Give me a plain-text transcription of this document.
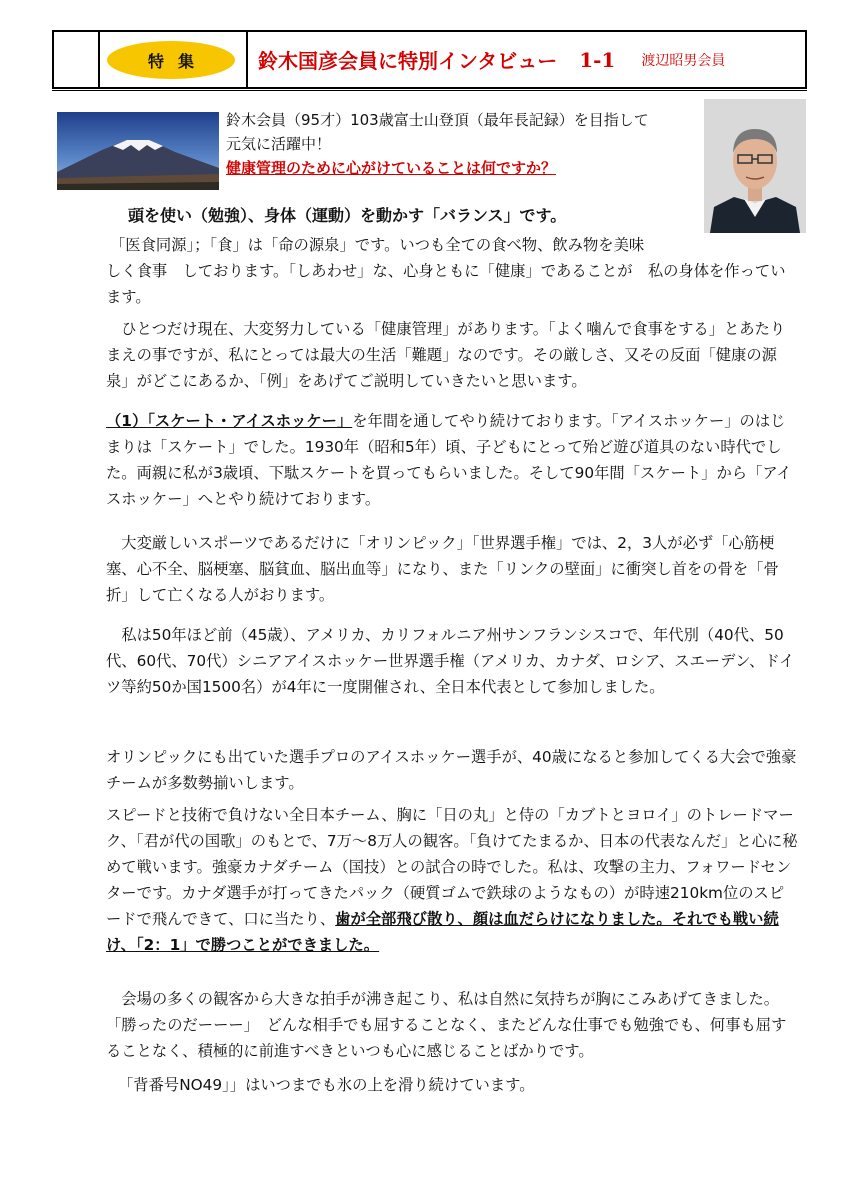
特集	鈴木国彦会員に特別インタビュー 1-1 渡辺昭男会員
鈴木会員（95才）103歳富士山登頂（最年長記録）を目指して
元気に活躍中！
健康管理のために心がけていることは何ですか？
頭を使い（勉強）、身体（運動）を動かす「バランス」です。
「医食同源」；「食」は「命の源泉」です。いつも全ての食べ物、飲み物を美味
しく食事　しております。「しあわせ」な、心身ともに「健康」であることが　私の身体を作っています。
ひとつだけ現在、大変努力している「健康管理」があります。「よく噛んで食事をする」とあたりまえの事ですが、私にとっては最大の生活「難題」なのです。その厳しさ、又その反面「健康の源泉」がどこにあるか、「例」をあげてご説明していきたいと思います。
（1）「スケート・アイスホッケー」を年間を通してやり続けております。「アイスホッケー」のはじまりは「スケート」でした。1930年（昭和5年）頃、子どもにとって殆ど遊び道具のない時代でした。両親に私が3歳頃、下駄スケートを買ってもらいました。そして90年間「スケート」から「アイスホッケー」へとやり続けております。
大変厳しいスポーツであるだけに「オリンピック」「世界選手権」では、2，3人が必ず「心筋梗塞、心不全、脳梗塞、脳貧血、脳出血等」になり、また「リンクの壁面」に衝突し首をの骨を「骨折」して亡くなる人がおります。
私は50年ほど前（45歳）、アメリカ、カリフォルニア州サンフランシスコで、年代別（40代、50代、60代、70代）シニアアイスホッケー世界選手権（アメリカ、カナダ、ロシア、スエーデン、ドイツ等約50か国1500名）が4年に一度開催され、全日本代表として参加しました。
オリンピックにも出ていた選手プロのアイスホッケー選手が、40歳になると参加してくる大会で強豪チームが多数勢揃いします。
スピードと技術で負けない全日本チーム、胸に「日の丸」と侍の「カブトとヨロイ」のトレードマーク、「君が代の国歌」のもとで、7万～8万人の観客。「負けてたまるか、日本の代表なんだ」と心に秘めて戦います。強豪カナダチーム（国技）との試合の時でした。私は、攻撃の主力、フォワードセンターです。カナダ選手が打ってきたパック（硬質ゴムで鉄球のようなもの）が時速210km位のスピードで飛んできて、口に当たり、歯が全部飛び散り、顔は血だらけになりました。それでも戦い続け、「2：1」で勝つことができました。
会場の多くの観客から大きな拍手が沸き起こり、私は自然に気持ちが胸にこみあげてきました。「勝ったのだーーー」　どんな相手でも屈することなく、またどんな仕事でも勉強でも、何事も屈することなく、積極的に前進すべきといつも心に感じることばかりです。
「背番号NO49」」はいつまでも氷の上を滑り続けています。
